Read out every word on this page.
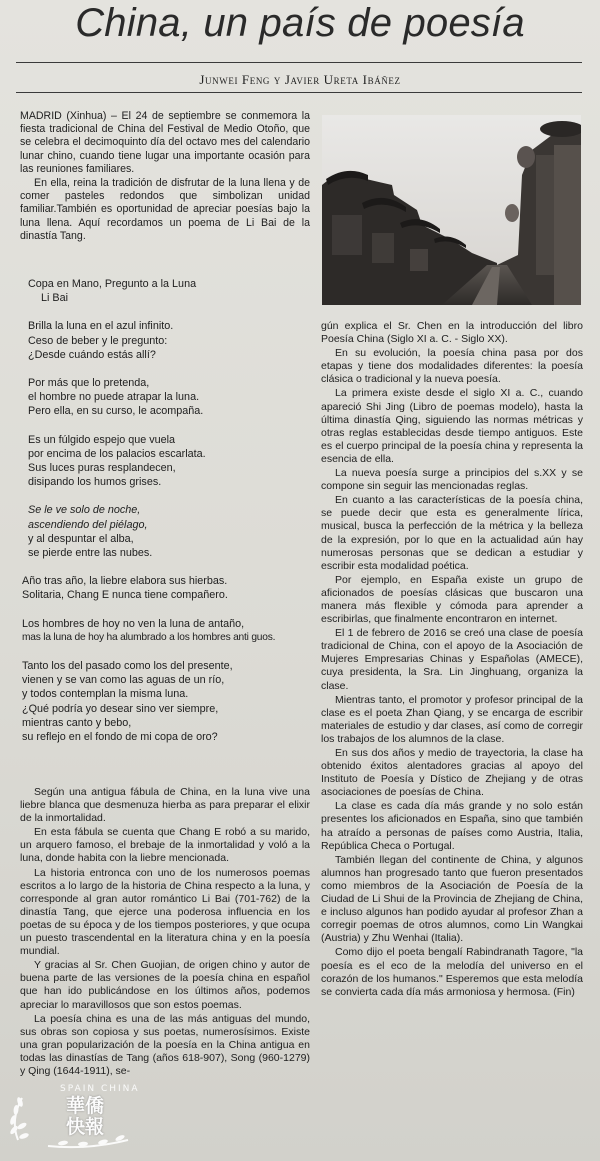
China, un país de poesía
Junwei Feng y Javier Ureta Ibáñez

MADRID (Xinhua) – El 24 de septiembre se conmemora la fiesta tradicional de China del Festival de Medio Otoño, que se celebra el decimoquinto día del octavo mes del calendario lunar chino, cuando tiene lugar una importante ocasión para las reuniones familiares.

En ella, reina la tradición de disfrutar de la luna llena y de comer pasteles redondos que simbolizan unidad familiar.También es oportunidad de apreciar poesías bajo la luna llena. Aquí recordamos un poema de Li Bai de la dinastía Tang.

Copa en Mano, Pregunto a la Luna
Li Bai
Brilla la luna en el azul infinito.
Ceso de beber y le pregunto:
¿Desde cuándo estás allí?
Por más que lo pretenda,
el hombre no puede atrapar la luna.
Pero ella, en su curso, le acompaña.
Es un fúlgido espejo que vuela
por encima de los palacios escarlata.
Sus luces puras resplandecen,
disipando los humos grises.
Se le ve solo de noche,
ascendiendo del piélago,
y al despuntar el alba,
se pierde entre las nubes.
Año tras año, la liebre elabora sus hierbas.
Solitaria, Chang E nunca tiene compañero.
Los hombres de hoy no ven la luna de antaño,
mas la luna de hoy ha alumbrado a los hombres anti guos.
Tanto los del pasado como los del presente,
vienen y se van como las aguas de un río,
y todos contemplan la misma luna.
¿Qué podría yo desear sino ver siempre,
mientras canto y bebo,
su reflejo en el fondo de mi copa de oro?

Según una antigua fábula de China, en la luna vive una liebre blanca que desmenuza hierba as para preparar el elixir de la inmortalidad.

En esta fábula se cuenta que Chang E robó a su marido, un arquero famoso, el brebaje de la inmortalidad y voló a la luna, donde habita con la liebre mencionada.

La historia entronca con uno de los numerosos poemas escritos a lo largo de la historia de China respecto a la luna, y corresponde al gran autor romántico Li Bai (701-762) de la dinastía Tang, que ejerce una poderosa influencia en los poetas de su época y de los tiempos posteriores, y que ocupa un puesto trascendental en la literatura china y en la poesía mundial.

Y gracias al Sr. Chen Guojian, de origen chino y autor de buena parte de las versiones de la poesía china en español que han ido publicándose en los últimos años, podemos apreciar lo maravillosos que son estos poemas.

La poesía china es una de las más antiguas del mundo, sus obras son copiosa y sus poetas, numerosísimos. Existe una gran popularización de la poesía en la China antigua en todas las dinastías de Tang (años 618-907), Song (960-1279) y Qing (1644-1911), se-

gún explica el Sr. Chen en la introducción del libro Poesía China (Siglo XI a. C. - Siglo XX).

En su evolución, la poesía china pasa por dos etapas y tiene dos modalidades diferentes: la poesía clásica o tradicional y la nueva poesía.

La primera existe desde el siglo XI a. C., cuando apareció Shi Jing (Libro de poemas modelo), hasta la última dinastía Qing, siguiendo las normas métricas y otras reglas establecidas desde tiempo antiguos. Este es el cuerpo principal de la poesía china y representa la esencia de ella.

La nueva poesía surge a principios del s.XX y se compone sin seguir las mencionadas reglas.

En cuanto a las características de la poesía china, se puede decir que esta es generalmente lírica, musical, busca la perfección de la métrica y la belleza de la expresión, por lo que en la actualidad aún hay numerosas personas que se dedican a estudiar y escribir esta modalidad poética.

Por ejemplo, en España existe un grupo de aficionados de poesías clásicas que buscaron una manera más flexible y cómoda para aprender a escribirlas, que finalmente encontraron en internet.

El 1 de febrero de 2016 se creó una clase de poesía tradicional de China, con el apoyo de la Asociación de Mujeres Empresarias Chinas y Españolas (AMECE), cuya presidenta, la Sra. Lin Jinghuang, organiza la clase.

Mientras tanto, el promotor y profesor principal de la clase es el poeta Zhan Qiang, y se encarga de escribir materiales de estudio y dar clases, así como de corregir los trabajos de los alumnos de la clase.

En sus dos años y medio de trayectoria, la clase ha obtenido éxitos alentadores gracias al apoyo del Instituto de Poesía y Dístico de Zhejiang y de otras asociaciones de poesías de China.

La clase es cada día más grande y no solo están presentes los aficionados en España, sino que también ha atraído a personas de países como Austria, Italia, República Checa o Portugal.

También llegan del continente de China, y algunos alumnos han progresado tanto que fueron presentados como miembros de la Asociación de Poesía de la Ciudad de Li Shui de la Provincia de Zhejiang de China, e incluso algunos han podido ayudar al profesor Zhan a corregir poemas de otros alumnos, como Lin Wangkai (Austria) y Zhu Wenhai (Italia).

Como dijo el poeta bengalí Rabindranath Tagore, "la poesía es el eco de la melodía del universo en el corazón de los humanos." Esperemos que esta melodía se convierta cada día más armoniosa y hermosa. (Fin)

SPAIN CHINA
華僑快報
